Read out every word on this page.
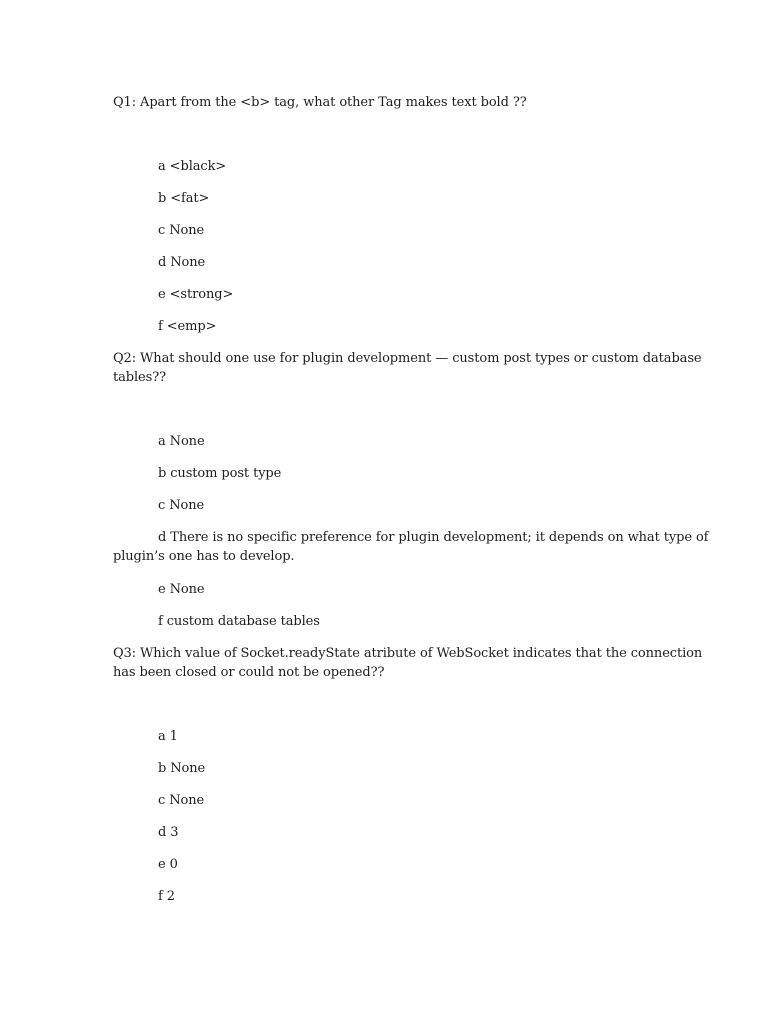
Q1: Apart from the <b> tag, what other Tag makes text bold ??
a <black>
b <fat>
c None
d None
e <strong>
f <emp>
Q2: What should one use for plugin development — custom post types or custom database
tables??
a None
b custom post type
c None
d There is no specific preference for plugin development; it depends on what type of
plugin’s one has to develop.
e None
f custom database tables
Q3: Which value of Socket.readyState atribute of WebSocket indicates that the connection
has been closed or could not be opened??
a 1
b None
c None
d 3
e 0
f 2
